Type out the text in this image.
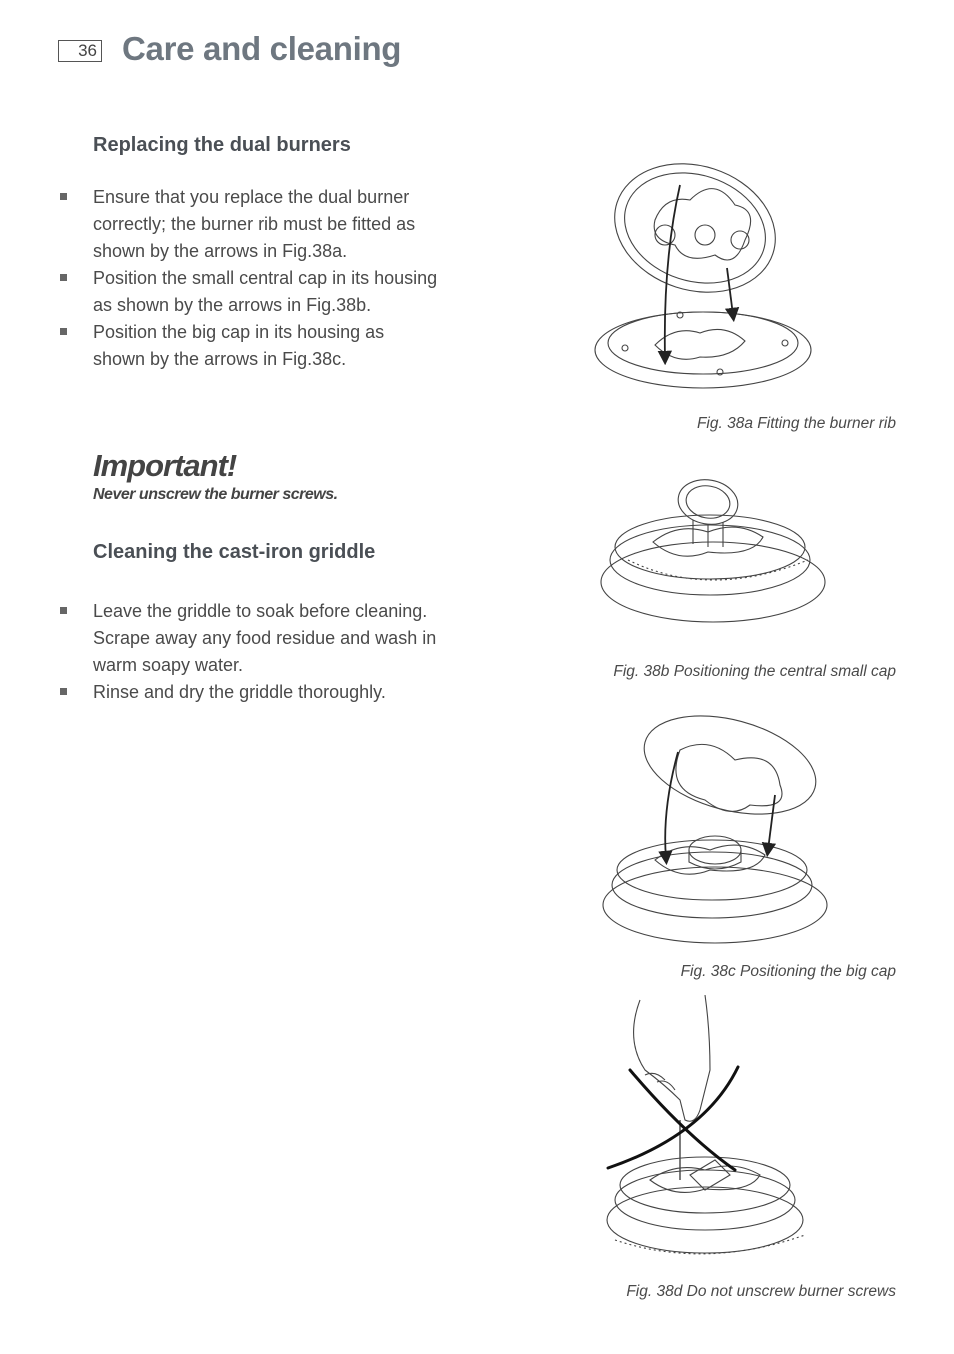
36 Care and cleaning
Replacing the dual burners
Ensure that you replace the dual burner correctly; the burner rib must be fitted as shown by the arrows in Fig.38a.
Position the small central cap in its housing as shown by the arrows in Fig.38b.
Position the big cap in its housing as shown by the arrows in Fig.38c.
Important!

Never unscrew the burner screws.

Cleaning the cast-iron griddle
Leave the griddle to soak before cleaning. Scrape away any food residue and wash in warm soapy water.
Rinse and dry the griddle thoroughly.

Fig. 38a Fitting the burner rib

Fig. 38b Positioning the central small cap

Fig. 38c Positioning the big cap

Fig. 38d Do not unscrew burner screws
